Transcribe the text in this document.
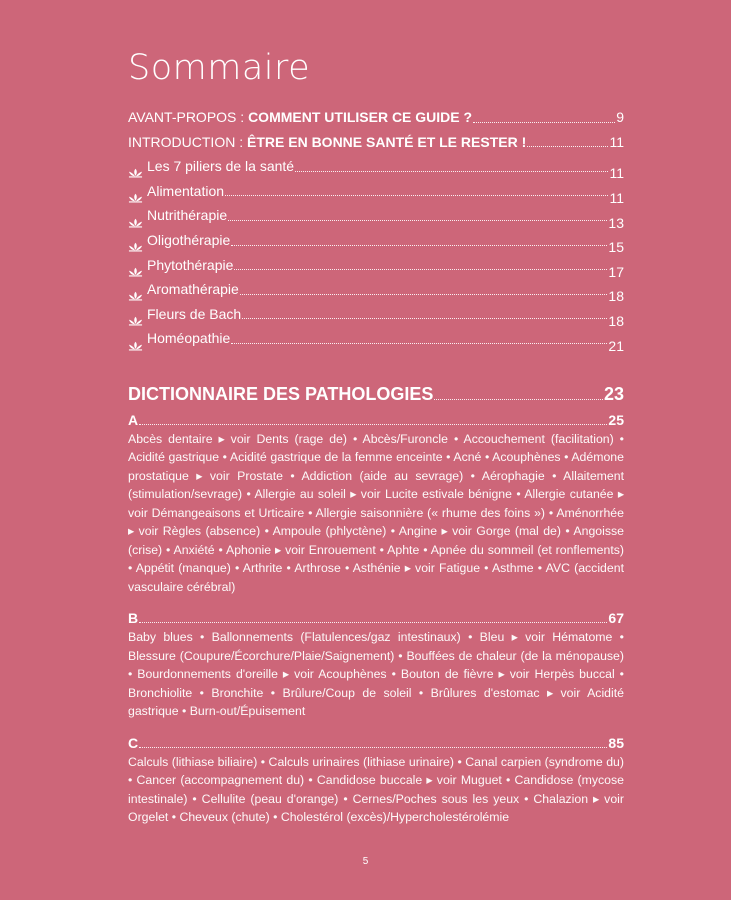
Sommaire
AVANT-PROPOS : COMMENT UTILISER CE GUIDE ?	9
INTRODUCTION : ÊTRE EN BONNE SANTÉ ET LE RESTER !	11
Les 7 piliers de la santé	11
Alimentation	11
Nutrithérapie	13
Oligothérapie	15
Phytothérapie	17
Aromathérapie	18
Fleurs de Bach	18
Homéopathie	21
DICTIONNAIRE DES PATHOLOGIES	23
A	25
Abcès dentaire ▸ voir Dents (rage de) • Abcès/Furoncle • Accouchement (facilitation) • Acidité gastrique • Acidité gastrique de la femme enceinte • Acné • Acouphènes • Adémone prostatique ▸ voir Prostate • Addiction (aide au sevrage) • Aérophagie • Allaitement (stimulation/sevrage) • Allergie au soleil ▸ voir Lucite estivale bénigne • Allergie cutanée ▸ voir Démangeaisons et Urticaire • Allergie saisonnière (« rhume des foins ») • Aménorrhée ▸ voir Règles (absence) • Ampoule (phlyctène) • Angine ▸ voir Gorge (mal de) • Angoisse (crise) • Anxiété • Aphonie ▸ voir Enrouement • Aphte • Apnée du sommeil (et ronflements) • Appétit (manque) • Arthrite • Arthrose • Asthénie ▸ voir Fatigue • Asthme • AVC (accident vasculaire cérébral)
B	67
Baby blues • Ballonnements (Flatulences/gaz intestinaux) • Bleu ▸ voir Hématome • Blessure (Coupure/Écorchure/Plaie/Saignement) • Bouffées de chaleur (de la ménopause) • Bourdonnements d'oreille ▸ voir Acouphènes • Bouton de fièvre ▸ voir Herpès buccal • Bronchiolite • Bronchite • Brûlure/Coup de soleil • Brûlures d'estomac ▸ voir Acidité gastrique • Burn-out/Épuisement
C	85
Calculs (lithiase biliaire) • Calculs urinaires (lithiase urinaire) • Canal carpien (syndrome du) • Cancer (accompagnement du) • Candidose buccale ▸ voir Muguet • Candidose (mycose intestinale) • Cellulite (peau d'orange) • Cernes/Poches sous les yeux • Chalazion ▸ voir Orgelet • Cheveux (chute) • Cholestérol (excès)/Hypercholestérolémie
5
